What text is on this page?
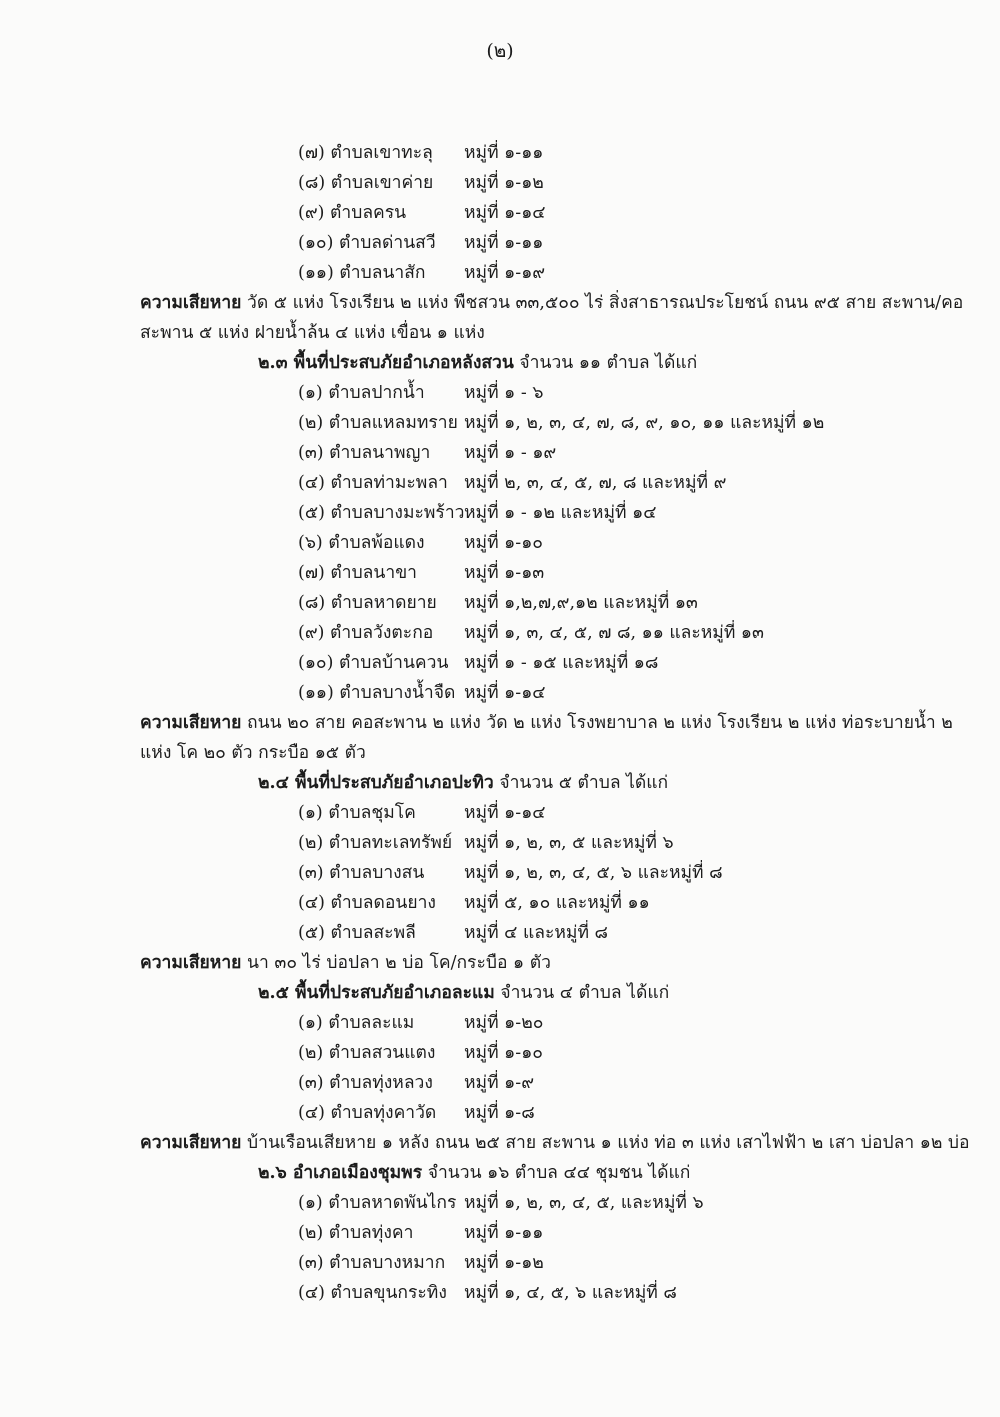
(๒)
(๗) ตำบลเขาทะลุ หมู่ที่ ๑-๑๑
(๘) ตำบลเขาค่าย หมู่ที่ ๑-๑๒
(๙) ตำบลครน	หมู่ที่ ๑-๑๔
(๑๐) ตำบลด่านสวี หมู่ที่ ๑-๑๑
(๑๑) ตำบลนาสัก หมู่ที่ ๑-๑๙
ความเสียหาย วัด ๕ แห่ง โรงเรียน ๒ แห่ง พืชสวน ๓๓,๕๐๐ ไร่ สิ่งสาธารณประโยชน์ ถนน ๙๕ สาย สะพาน/คอ
สะพาน ๕ แห่ง ฝายน้ำล้น ๔ แห่ง เขื่อน ๑ แห่ง
๒.๓ พื้นที่ประสบภัยอำเภอหลังสวน จำนวน ๑๑ ตำบล ได้แก่
(๑) ตำบลปากน้ำ หมู่ที่ ๑ - ๖
(๒) ตำบลแหลมทราย หมู่ที่ ๑, ๒, ๓, ๔, ๗, ๘, ๙, ๑๐, ๑๑ และหมู่ที่ ๑๒
(๓) ตำบลนาพญา หมู่ที่ ๑ - ๑๙
(๔) ตำบลท่ามะพลา หมู่ที่ ๒, ๓, ๔, ๕, ๗, ๘ และหมู่ที่ ๙
(๕) ตำบลบางมะพร้าว หมู่ที่ ๑ - ๑๒ และหมู่ที่ ๑๔
(๖) ตำบลพ้อแดง หมู่ที่ ๑-๑๐
(๗) ตำบลนาขา	หมู่ที่ ๑-๑๓
(๘) ตำบลหาดยาย หมู่ที่ ๑,๒,๗,๙,๑๒ และหมู่ที่ ๑๓
(๙) ตำบลวังตะกอ หมู่ที่ ๑, ๓, ๔, ๕, ๗ ๘, ๑๑ และหมู่ที่ ๑๓
(๑๐) ตำบลบ้านควน หมู่ที่ ๑ - ๑๕ และหมู่ที่ ๑๘
(๑๑) ตำบลบางน้ำจืด หมู่ที่ ๑-๑๔
ความเสียหาย ถนน ๒๐ สาย คอสะพาน ๒ แห่ง วัด ๒ แห่ง โรงพยาบาล ๒ แห่ง โรงเรียน ๒ แห่ง ท่อระบายน้ำ ๒
แห่ง โค ๒๐ ตัว กระบือ ๑๕ ตัว
๒.๔ พื้นที่ประสบภัยอำเภอปะทิว จำนวน ๕ ตำบล ได้แก่
(๑) ตำบลชุมโค	หมู่ที่ ๑-๑๔
(๒) ตำบลทะเลทรัพย์ หมู่ที่ ๑, ๒, ๓, ๕ และหมู่ที่ ๖
(๓) ตำบลบางสน หมู่ที่ ๑, ๒, ๓, ๔, ๕, ๖ และหมู่ที่ ๘
(๔) ตำบลดอนยาง หมู่ที่ ๕, ๑๐ และหมู่ที่ ๑๑
(๕) ตำบลสะพลี	หมู่ที่ ๔ และหมู่ที่ ๘
ความเสียหาย นา ๓๐ ไร่ บ่อปลา ๒ บ่อ โค/กระบือ ๑ ตัว
๒.๕ พื้นที่ประสบภัยอำเภอละแม จำนวน ๔ ตำบล ได้แก่
(๑) ตำบลละแม	หมู่ที่ ๑-๒๐
(๒) ตำบลสวนแตง หมู่ที่ ๑-๑๐
(๓) ตำบลทุ่งหลวง หมู่ที่ ๑-๙
(๔) ตำบลทุ่งคาวัด หมู่ที่ ๑-๘
ความเสียหาย บ้านเรือนเสียหาย ๑ หลัง ถนน ๒๕ สาย สะพาน ๑ แห่ง ท่อ ๓ แห่ง เสาไฟฟ้า ๒ เสา บ่อปลา ๑๒ บ่อ
๒.๖ อำเภอเมืองชุมพร จำนวน ๑๖ ตำบล ๔๔ ชุมชน ได้แก่
(๑) ตำบลหาดพันไกร หมู่ที่ ๑, ๒, ๓, ๔, ๕, และหมู่ที่ ๖
(๒) ตำบลทุ่งคา	หมู่ที่ ๑-๑๑
(๓) ตำบลบางหมาก หมู่ที่ ๑-๑๒
(๔) ตำบลขุนกระทิง หมู่ที่ ๑, ๔, ๕, ๖ และหมู่ที่ ๘
